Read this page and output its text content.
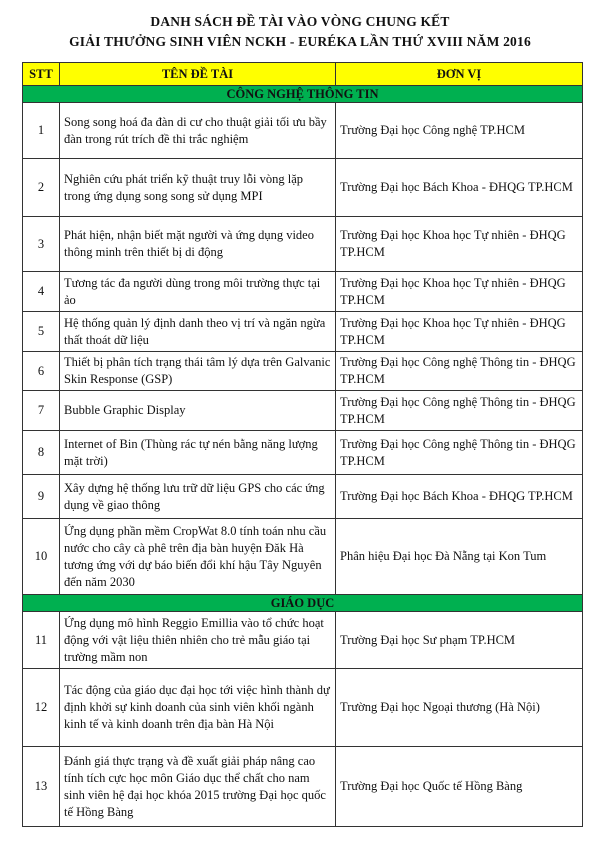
DANH SÁCH ĐỀ TÀI VÀO VÒNG CHUNG KẾT
GIẢI THƯỞNG SINH VIÊN NCKH - EURÉKA LẦN THỨ XVIII NĂM 2016
STT	TÊN ĐỀ TÀI	ĐƠN VỊ
CÔNG NGHỆ THÔNG TIN		
1	Song song hoá đa đàn di cư cho thuật giải tối ưu bầy đàn trong rút trích đề thi trắc nghiệm	Trường Đại học Công nghệ TP.HCM
2	Nghiên cứu phát triển kỹ thuật truy lỗi vòng lặp trong ứng dụng song song sử dụng MPI	Trường Đại học Bách Khoa - ĐHQG TP.HCM
3	Phát hiện, nhận biết mặt người và ứng dụng video thông minh trên thiết bị di động	Trường Đại học Khoa học Tự nhiên - ĐHQG TP.HCM
4	Tương tác đa người dùng trong môi trường thực tại ảo	Trường Đại học Khoa học Tự nhiên - ĐHQG TP.HCM
5	Hệ thống quản lý định danh theo vị trí và ngăn ngừa thất thoát dữ liệu	Trường Đại học Khoa học Tự nhiên - ĐHQG TP.HCM
6	Thiết bị phân tích trạng thái tâm lý dựa trên Galvanic Skin Response (GSP)	Trường Đại học Công nghệ Thông tin - ĐHQG TP.HCM
7	Bubble Graphic Display	Trường Đại học Công nghệ Thông tin - ĐHQG TP.HCM
8	Internet of Bin (Thùng rác tự nén bằng năng lượng mặt trời)	Trường Đại học Công nghệ Thông tin - ĐHQG TP.HCM
9	Xây dựng hệ thống lưu trữ dữ liệu GPS cho các ứng dụng về giao thông	Trường Đại học Bách Khoa - ĐHQG TP.HCM
10	Ứng dụng phần mềm CropWat 8.0 tính toán nhu cầu nước cho cây cà phê trên địa bàn huyện Đăk Hà tương ứng với dự báo biến đổi khí hậu Tây Nguyên đến năm 2030	Phân hiệu Đại học Đà Nẵng tại Kon Tum
GIÁO DỤC		
11	Ứng dụng mô hình Reggio Emillia vào tổ chức hoạt động với vật liệu thiên nhiên cho trẻ mẫu giáo tại trường mầm non	Trường Đại học Sư phạm TP.HCM
12	Tác động của giáo dục đại học tới việc hình thành dự định khởi sự kinh doanh của sinh viên khối ngành kinh tế và kinh doanh trên địa bàn Hà Nội	Trường Đại học Ngoại thương (Hà Nội)
13	Đánh giá thực trạng và đề xuất giải pháp nâng cao tính tích cực học môn Giáo dục thể chất cho nam sinh viên hệ đại học khóa 2015 trường Đại học quốc tế Hồng Bàng	Trường Đại học Quốc tế Hồng Bàng
